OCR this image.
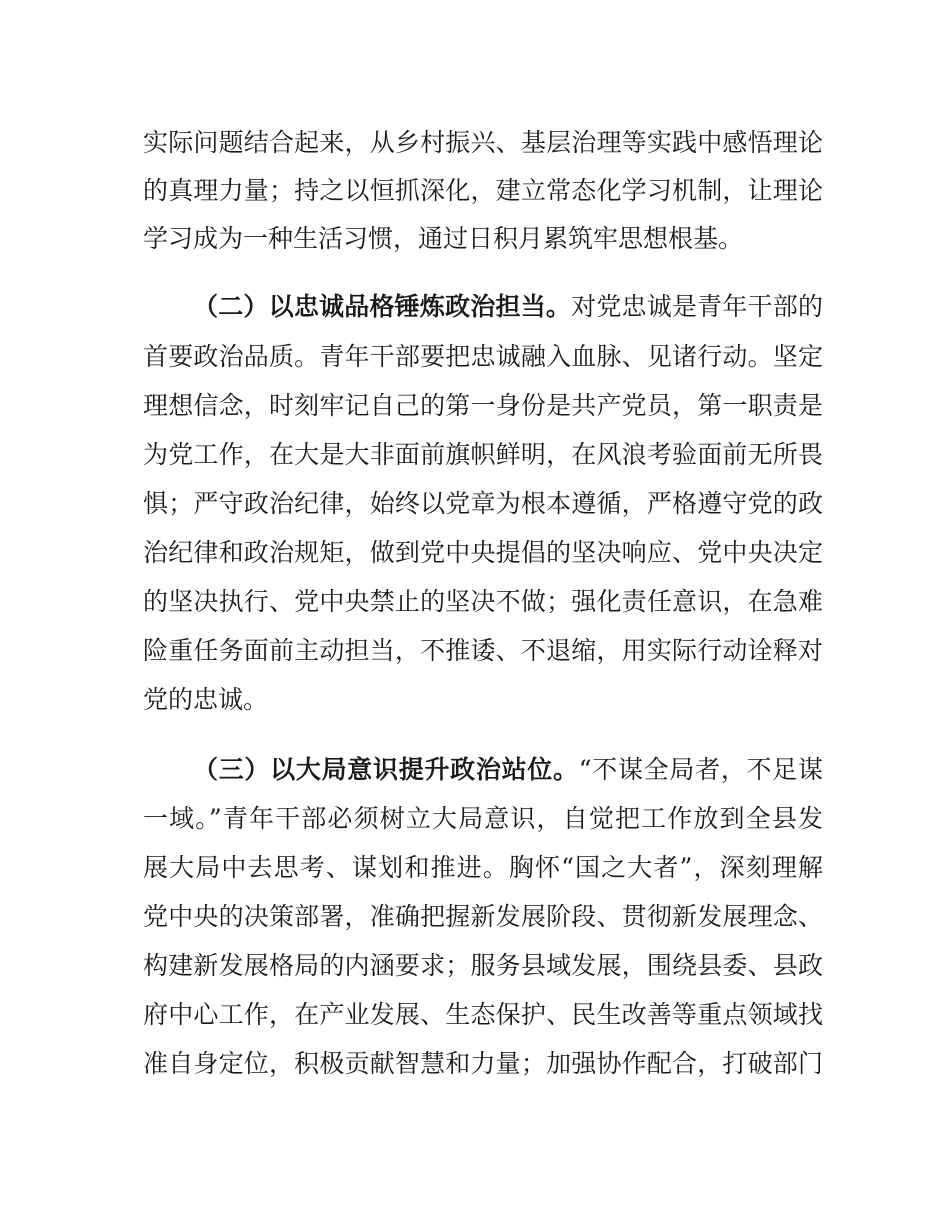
实际问题结合起来，从乡村振兴、基层治理等实践中感悟理论
的真理力量；持之以恒抓深化，建立常态化学习机制，让理论
学习成为一种生活习惯，通过日积月累筑牢思想根基。
（二）以忠诚品格锤炼政治担当。对党忠诚是青年干部的
首要政治品质。青年干部要把忠诚融入血脉、见诸行动。坚定
理想信念，时刻牢记自己的第一身份是共产党员，第一职责是
为党工作，在大是大非面前旗帜鲜明，在风浪考验面前无所畏
惧；严守政治纪律，始终以党章为根本遵循，严格遵守党的政
治纪律和政治规矩，做到党中央提倡的坚决响应、党中央决定
的坚决执行、党中央禁止的坚决不做；强化责任意识，在急难
险重任务面前主动担当，不推诿、不退缩，用实际行动诠释对
党的忠诚。
（三）以大局意识提升政治站位。“不谋全局者，不足谋
一域。”青年干部必须树立大局意识，自觉把工作放到全县发
展大局中去思考、谋划和推进。胸怀“国之大者”，深刻理解
党中央的决策部署，准确把握新发展阶段、贯彻新发展理念、
构建新发展格局的内涵要求；服务县域发展，围绕县委、县政
府中心工作，在产业发展、生态保护、民生改善等重点领域找
准自身定位，积极贡献智慧和力量；加强协作配合，打破部门
